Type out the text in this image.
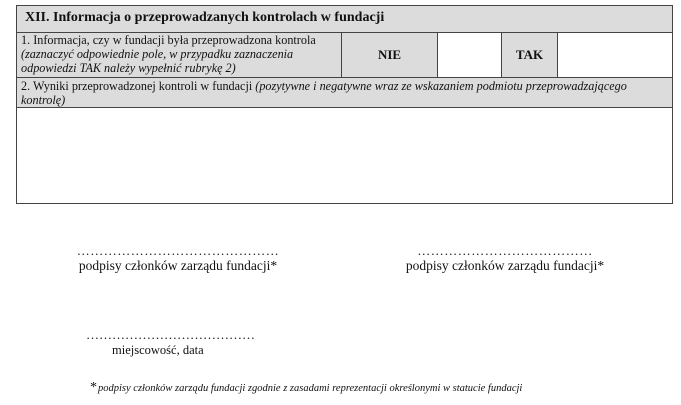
XII. Informacja o przeprowadzanych kontrolach w fundacji
1. Informacja, czy w fundacji była przeprowadzona kontrola (zaznaczyć odpowiednie pole, w przypadku zaznaczenia odpowiedzi TAK należy wypełnić rubrykę 2)
NIE	TAK
2. Wyniki przeprowadzonej kontroli w fundacji (pozytywne i negatywne wraz ze wskazaniem podmiotu przeprowadzającego kontrolę)
………………………………………
podpisy członków zarządu fundacji*
…………………………………
podpisy członków zarządu fundacji*
…………………………………
miejscowość, data
*podpisy członków zarządu fundacji zgodnie z zasadami reprezentacji określonymi w statucie fundacji
